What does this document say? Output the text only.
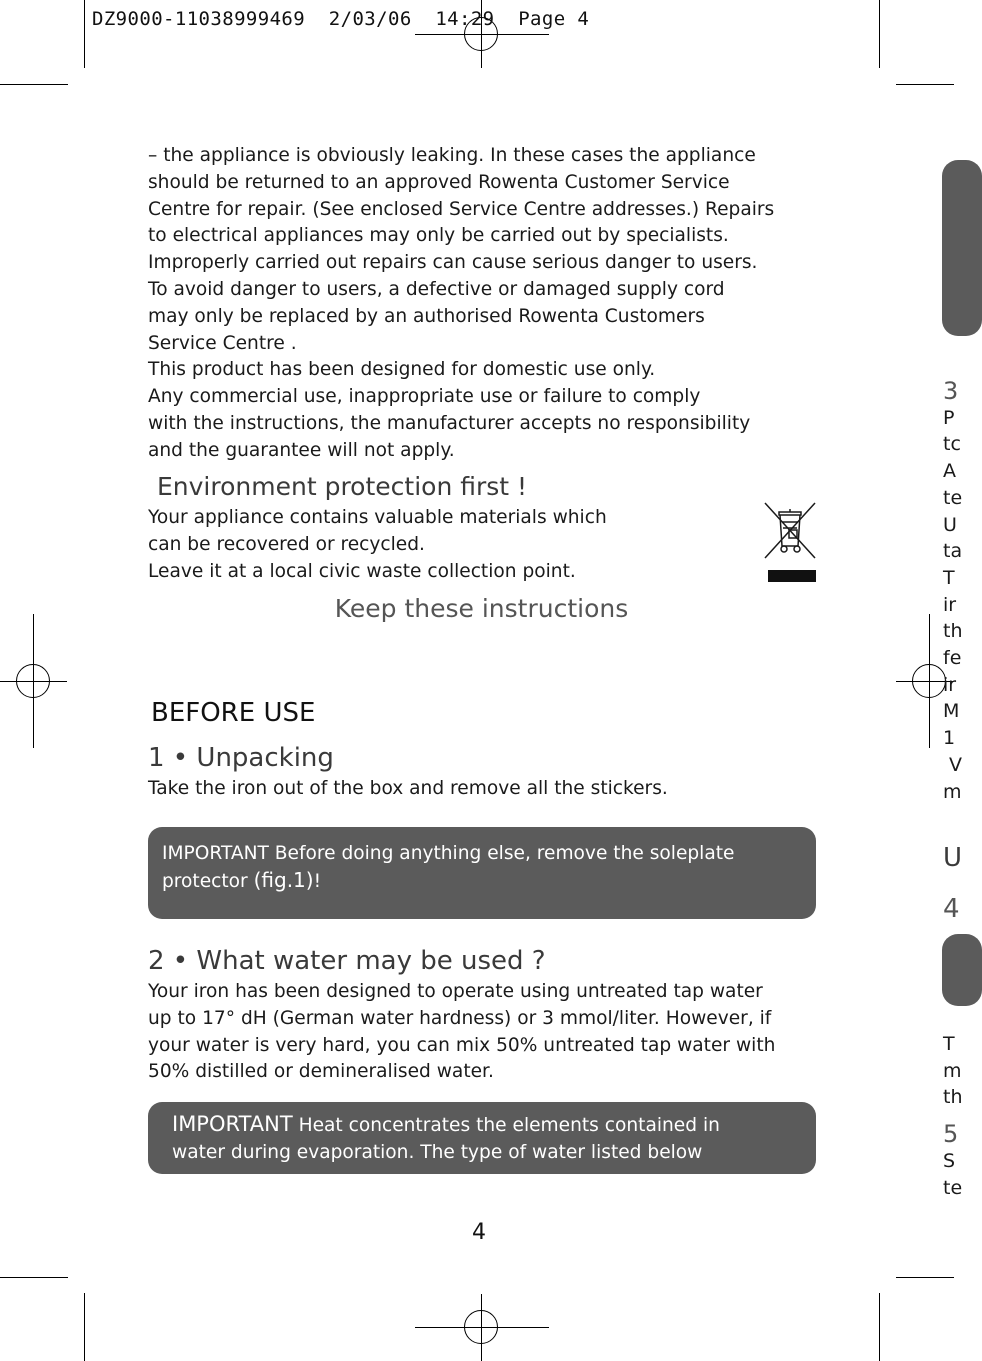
DZ9000-11038999469  2/03/06  14:29  Page 4

– the appliance is obviously leaking. In these cases the appliance

should be returned to an approved Rowenta Customer Service

Centre for repair. (See enclosed Service Centre addresses.) Repairs

to electrical appliances may only be carried out by specialists.

Improperly carried out repairs can cause serious danger to users.

To avoid danger to users, a defective or damaged supply cord

may only be replaced by an authorised Rowenta Customers

Service Centre .

This product has been designed for domestic use only.

Any commercial use, inappropriate use or failure to comply

with the instructions, the manufacturer accepts no responsibility

and the guarantee will not apply.

Environment protection first !

Your appliance contains valuable materials which

can be recovered or recycled.

Leave it at a local civic waste collection point.

Keep these instructions
BEFORE USE
1 • Unpacking
Take the iron out of the box and remove all the stickers.

IMPORTANT Before doing anything else, remove the soleplate

protector (fig.1)!

2 • What water may be used ?

Your iron has been designed to operate using untreated tap water

up to 17° dH (German water hardness) or 3 mmol/liter. However, if

your water is very hard, you can mix 50% untreated tap water with

50% distilled or demineralised water.

IMPORTANT Heat concentrates the elements contained in

water during evaporation. The type of water listed below

4
3
P
tc
A
te
U
ta
T
ir
th
fe
ir
M
1
V
m
U
4
T
m
th
5
S
te
